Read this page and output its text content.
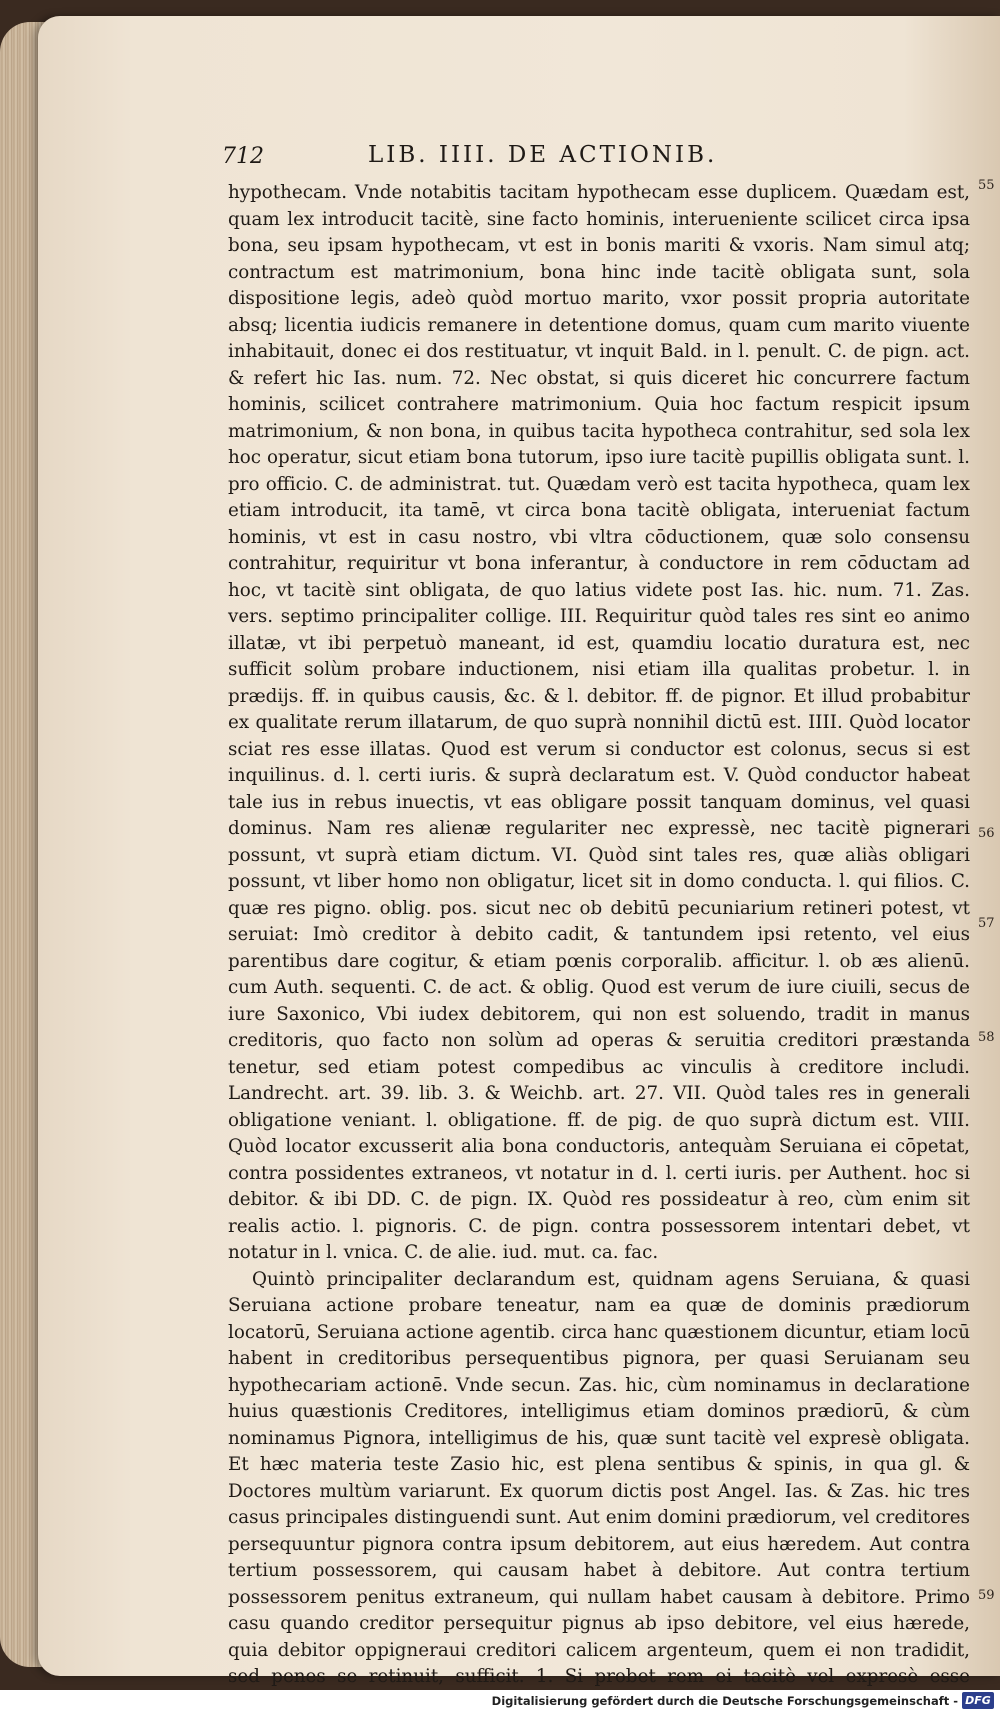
712	LIB. IIII. DE ACTIONIB.

hypothecam. Vnde notabitis tacitam hypothecam esse duplicem. Quædam est, quam lex introducit tacitè, sine facto hominis, interueniente scilicet circa ipsa bona, seu ipsam hypothecam, vt est in bonis mariti & vxoris. Nam simul atq; contractum est matrimonium, bona hinc inde tacitè obligata sunt, sola dispositione legis, adeò quòd mortuo marito, vxor possit propria autoritate absq; licentia iudicis remanere in detentione domus, quam cum marito viuente inhabitauit, donec ei dos restituatur, vt inquit Bald. in l. penult. C. de pign. act. & refert hic Ias. num. 72. Nec obstat, si quis diceret hic concurrere factum hominis, scilicet contrahere matrimonium. Quia hoc factum respicit ipsum matrimonium, & non bona, in quibus tacita hypotheca contrahitur, sed sola lex hoc operatur, sicut etiam bona tutorum, ipso iure tacitè pupillis obligata sunt. l. pro officio. C. de administrat. tut. Quædam verò est tacita hypotheca, quam lex etiam introducit, ita tamē, vt circa bona tacitè obligata, interueniat factum hominis, vt est in casu nostro, vbi vltra cōductionem, quæ solo consensu contrahitur, requiritur vt bona inferantur, à conductore in rem cōductam ad hoc, vt tacitè sint obligata, de quo latius videte post Ias. hic. num. 71. Zas. vers. septimo principaliter collige. III. Requiritur quòd tales res sint eo animo illatæ, vt ibi perpetuò maneant, id est, quamdiu locatio duratura est, nec sufficit solùm probare inductionem, nisi etiam illa qualitas probetur. l. in prædijs. ff. in quibus causis, &c. & l. debitor. ff. de pignor. Et illud probabitur ex qualitate rerum illatarum, de quo suprà nonnihil dictū est. IIII. Quòd locator sciat res esse illatas. Quod est verum si conductor est colonus, secus si est inquilinus. d. l. certi iuris. & suprà declaratum est. V. Quòd conductor habeat tale ius in rebus inuectis, vt eas obligare possit tanquam dominus, vel quasi dominus. Nam res alienæ regulariter nec expressè, nec tacitè pignerari possunt, vt suprà etiam dictum. VI. Quòd sint tales res, quæ aliàs obligari possunt, vt liber homo non obligatur, licet sit in domo conducta. l. qui filios. C. quæ res pigno. oblig. pos. sicut nec ob debitū pecuniarium retineri potest, vt seruiat: Imò creditor à debito cadit, & tantundem ipsi retento, vel eius parentibus dare cogitur, & etiam pœnis corporalib. afficitur. l. ob æs alienū. cum Auth. sequenti. C. de act. & oblig. Quod est verum de iure ciuili, secus de iure Saxonico, Vbi iudex debitorem, qui non est soluendo, tradit in manus creditoris, quo facto non solùm ad operas & seruitia creditori præstanda tenetur, sed etiam potest compedibus ac vinculis à creditore includi. Landrecht. art. 39. lib. 3. & Weichb. art. 27. VII. Quòd tales res in generali obligatione veniant. l. obligatione. ff. de pig. de quo suprà dictum est. VIII. Quòd locator excusserit alia bona conductoris, antequàm Seruiana ei cōpetat, contra possidentes extraneos, vt notatur in d. l. certi iuris. per Authent. hoc si debitor. & ibi DD. C. de pign. IX. Quòd res possideatur à reo, cùm enim sit realis actio. l. pignoris. C. de pign. contra possessorem intentari debet, vt notatur in l. vnica. C. de alie. iud. mut. ca. fac.

Quintò principaliter declarandum est, quidnam agens Seruiana, & quasi Seruiana actione probare teneatur, nam ea quæ de dominis prædiorum locatorū, Seruiana actione agentib. circa hanc quæstionem dicuntur, etiam locū habent in creditoribus persequentibus pignora, per quasi Seruianam seu hypothecariam actionē. Vnde secun. Zas. hic, cùm nominamus in declaratione huius quæstionis Creditores, intelligimus etiam dominos prædiorū, & cùm nominamus Pignora, intelligimus de his, quæ sunt tacitè vel expresè obligata. Et hæc materia teste Zasio hic, est plena sentibus & spinis, in qua gl. & Doctores multùm variarunt. Ex quorum dictis post Angel. Ias. & Zas. hic tres casus principales distinguendi sunt. Aut enim domini prædiorum, vel creditores persequuntur pignora contra ipsum debitorem, aut eius hæredem. Aut contra tertium possessorem, qui causam habet à debitore. Aut contra tertium possessorem penitus extraneum, qui nullam habet causam à debitore. Primo casu quando creditor persequitur pignus ab ipso debitore, vel eius hærede, quia debitor oppigneraui creditori calicem argenteum, quem ei non tradidit, sed penes se retinuit, sufficit. 1. Si probet rem ei tacitè vel expresè esse

55
56
57
58
59
Digitalisierung gefördert durch die Deutsche Forschungsgemeinschaft - DFG
